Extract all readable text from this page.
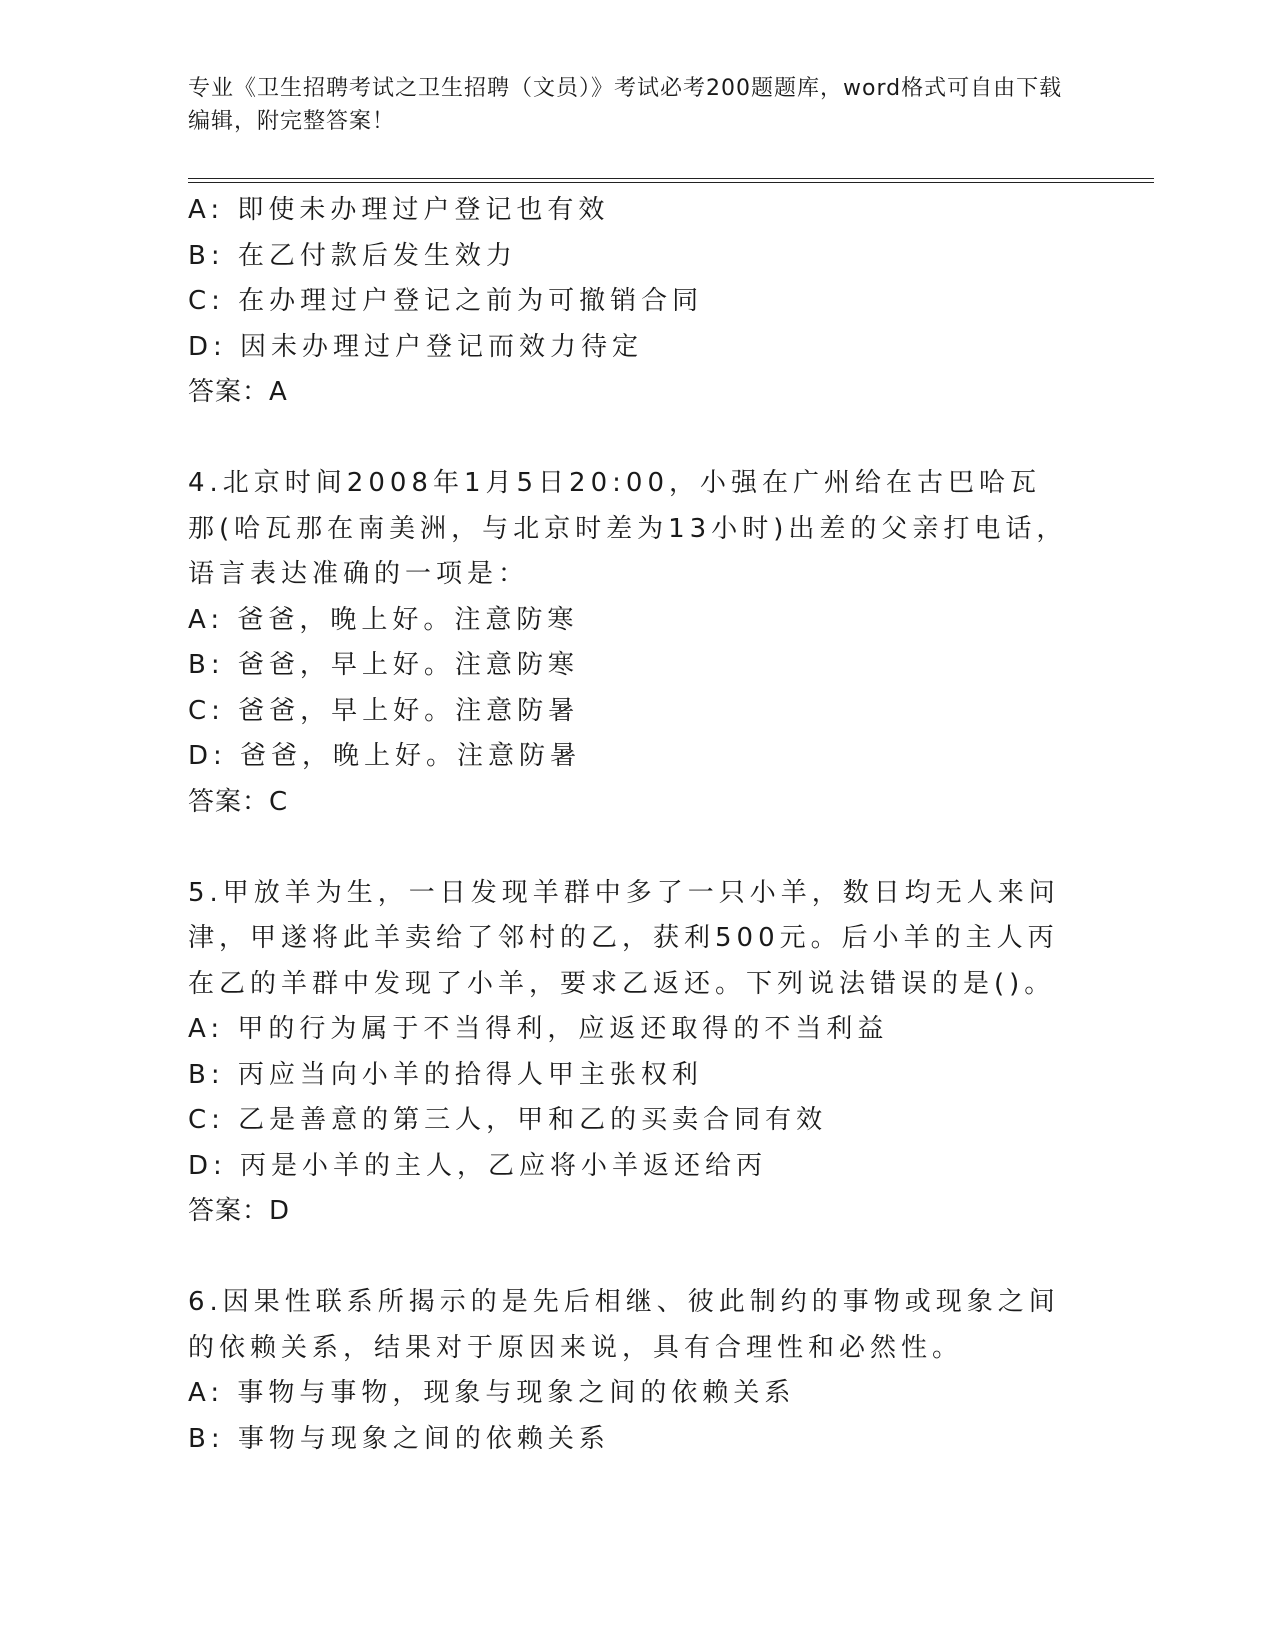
专业《卫生招聘考试之卫生招聘（文员）》考试必考200题题库，word格式可自由下载编辑，附完整答案！

A: 即使未办理过户登记也有效

B: 在乙付款后发生效力

C: 在办理过户登记之前为可撤销合同

D: 因未办理过户登记而效力待定

答案：A

4.北京时间2008年1月5日20:00，小强在广州给在古巴哈瓦那(哈瓦那在南美洲，与北京时差为13小时)出差的父亲打电话，语言表达准确的一项是：

A: 爸爸，晚上好。注意防寒

B: 爸爸，早上好。注意防寒

C: 爸爸，早上好。注意防暑

D: 爸爸，晚上好。注意防暑

答案：C

5.甲放羊为生，一日发现羊群中多了一只小羊，数日均无人来问津，甲遂将此羊卖给了邻村的乙，获利500元。后小羊的主人丙在乙的羊群中发现了小羊，要求乙返还。下列说法错误的是()。

A: 甲的行为属于不当得利，应返还取得的不当利益

B: 丙应当向小羊的拾得人甲主张权利

C: 乙是善意的第三人，甲和乙的买卖合同有效

D: 丙是小羊的主人，乙应将小羊返还给丙

答案：D

6.因果性联系所揭示的是先后相继、彼此制约的事物或现象之间的依赖关系，结果对于原因来说，具有合理性和必然性。

A: 事物与事物，现象与现象之间的依赖关系

B: 事物与现象之间的依赖关系
